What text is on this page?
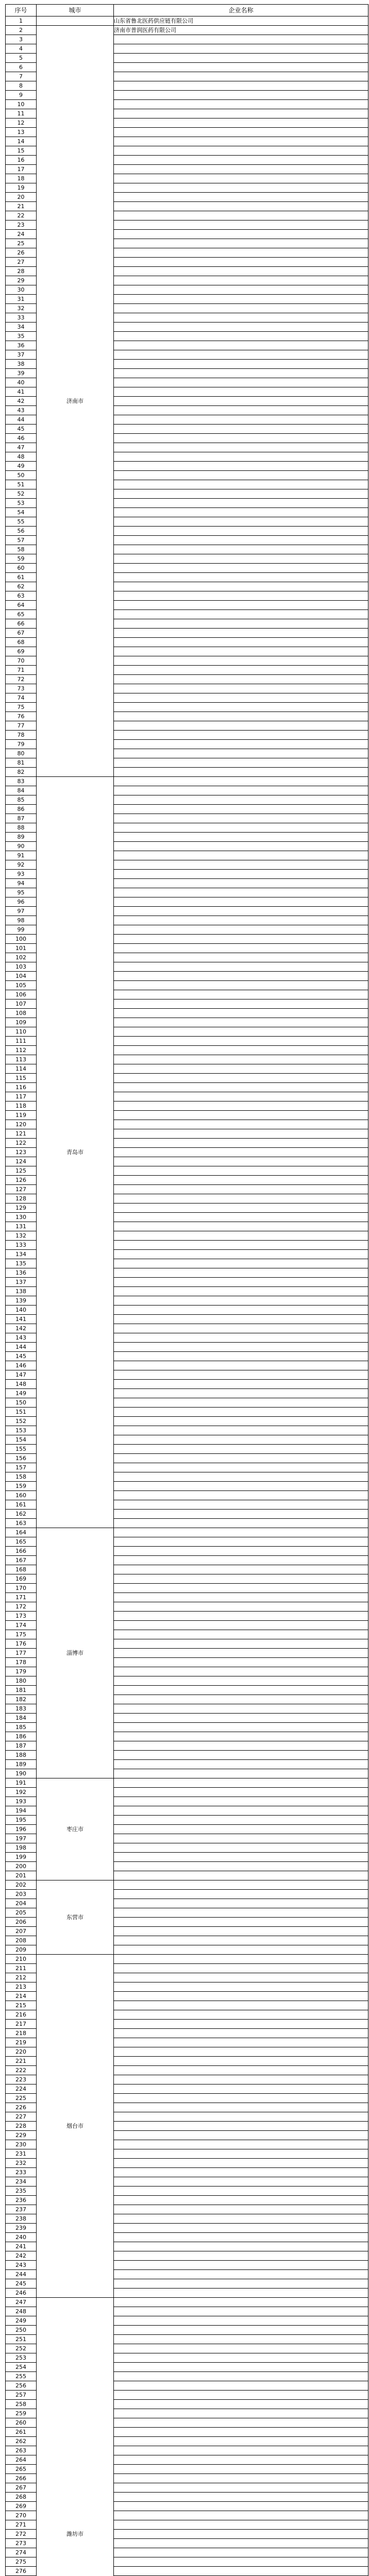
序号	城市	企业名称
1		山东省鲁北医药供应链有限公司
2	济南市	济南市普润医药有限公司
3		
4		
5		
6		
7		
8		
9		
10		
11		
12		
13		
14		
15		
16		
17		
18		
19		
20		
21		
22		
23		
24		
25		
26		
27		
28		
29		
30		
31		
32		
33		
34		
35		
36		
37		
38		
39		
40		
41		
42		
43		
44		
45		
46		
47		
48		
49		
50		
51		
52		
53		
54		
55		
56		
57		
58		
59		
60		
61		
62		
63		
64		
65		
66		
67		
68		
69		
70		
71		
72		
73		
74		
75		
76		
77		
78		
79		
80		
81		
82		
83	青岛市	
84		
85		
86		
87		
88		
89		
90		
91		
92		
93		
94		
95		
96		
97		
98		
99		
100		
101		
102		
103		
104		
105		
106		
107		
108		
109		
110		
111		
112		
113		
114		
115		
116		
117		
118		
119		
120		
121		
122		
123		
124		
125		
126		
127		
128		
129		
130		
131		
132		
133		
134		
135		
136		
137		
138		
139		
140		
141		
142		
143		
144		
145		
146		
147		
148		
149		
150		
151		
152		
153		
154		
155		
156		
157		
158		
159		
160		
161		
162		
163		
164	淄博市	
165		
166		
167		
168		
169		
170		
171		
172		
173		
174		
175		
176		
177		
178		
179		
180		
181		
182		
183		
184		
185		
186		
187		
188		
189		
190		
191	枣庄市	
192		
193		
194		
195		
196		
197		
198		
199		
200		
201		
202	东营市	
203		
204		
205		
206		
207		
208		
209		
210	烟台市	
211		
212		
213		
214		
215		
216		
217		
218		
219		
220		
221		
222		
223		
224		
225		
226		
227		
228		
229		
230		
231		
232		
233		
234		
235		
236		
237		
238		
239		
240		
241		
242		
243		
244		
245		
246		
247	潍坊市	
248		
249		
250		
251		
252		
253		
254		
255		
256		
257		
258		
259		
260		
261		
262		
263		
264		
265		
266		
267		
268		
269		
270		
271		
272		
273		
274		
275		
276		
